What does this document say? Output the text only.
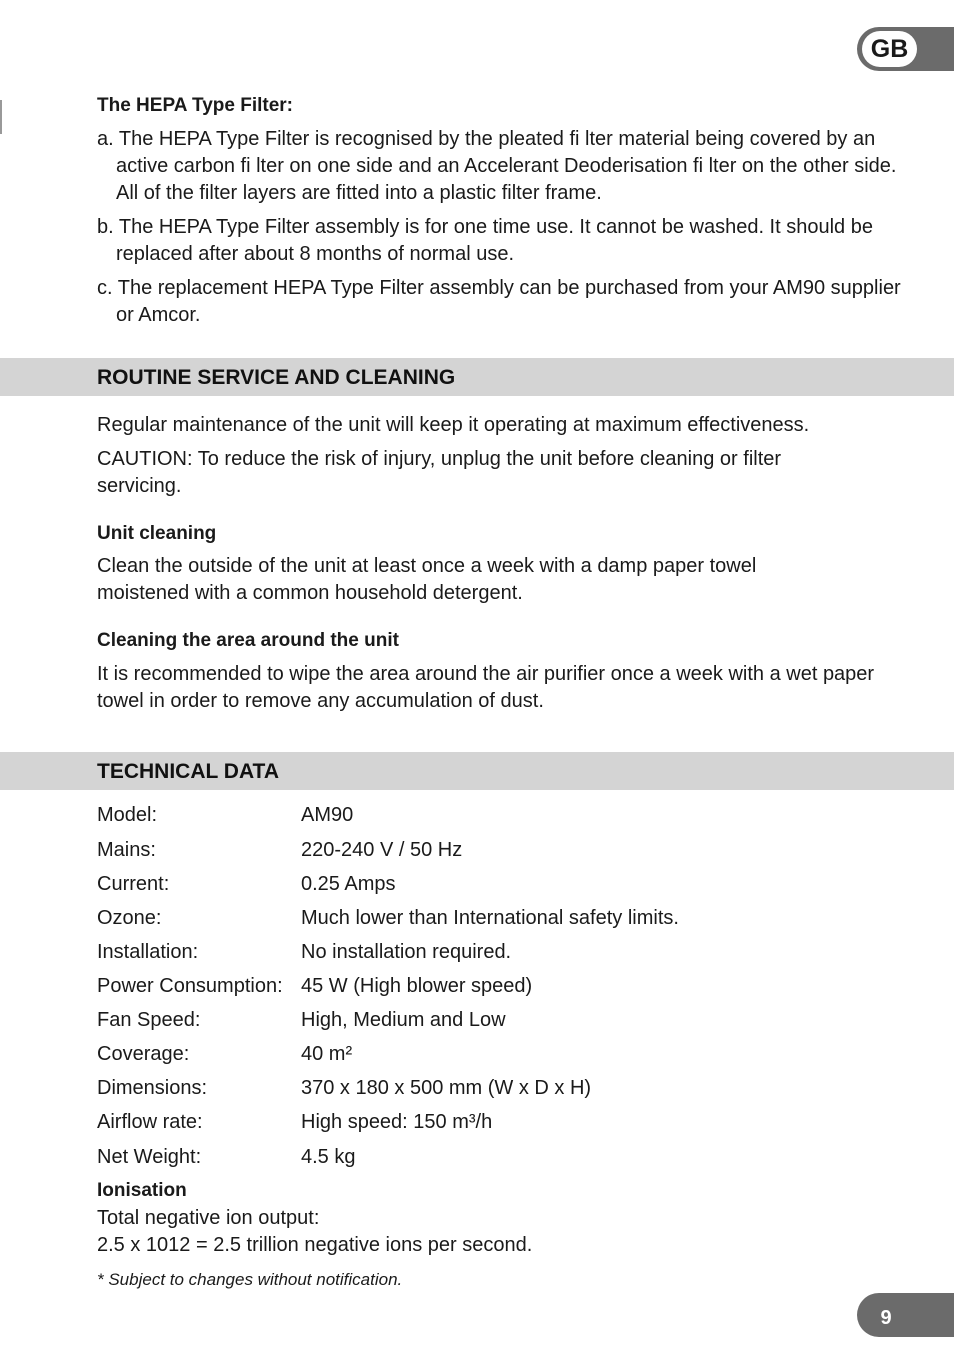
GB
The HEPA Type Filter:
a. The HEPA Type Filter is recognised by the pleated fi lter material being covered by an active carbon fi lter on one side and an Accelerant Deoderisation fi lter on the other side. All of the filter layers are fitted into a plastic filter frame.
b. The HEPA Type Filter assembly is for one time use. It cannot be washed. It should be replaced after about 8 months of normal use.
c. The replacement HEPA Type Filter assembly can be purchased from your AM90 supplier or Amcor.
ROUTINE SERVICE AND CLEANING
Regular maintenance of the unit will keep it operating at maximum effectiveness.
CAUTION: To reduce the risk of injury, unplug the unit before cleaning or filter servicing.
Unit cleaning
Clean the outside of the unit at least once a week with a damp paper towel moistened with a common household detergent.
Cleaning the area around the unit
It is recommended to wipe the area around the air purifier once a week with a wet paper towel in order to remove any accumulation of dust.
TECHNICAL DATA
Model:	AM90
Mains:	220-240 V / 50 Hz
Current:	0.25 Amps
Ozone:	Much lower than International safety limits.
Installation:	No installation required.
Power Consumption: 45 W (High blower speed)
Fan Speed:	High, Medium and Low
Coverage:	40 m²
Dimensions:	370 x 180 x 500 mm (W x D x H)
Airflow rate:	High speed: 150 m³/h
Net Weight:	4.5 kg
Ionisation
Total negative ion output:
2.5 x 1012 = 2.5 trillion negative ions per second.
* Subject to changes without notification.
9
